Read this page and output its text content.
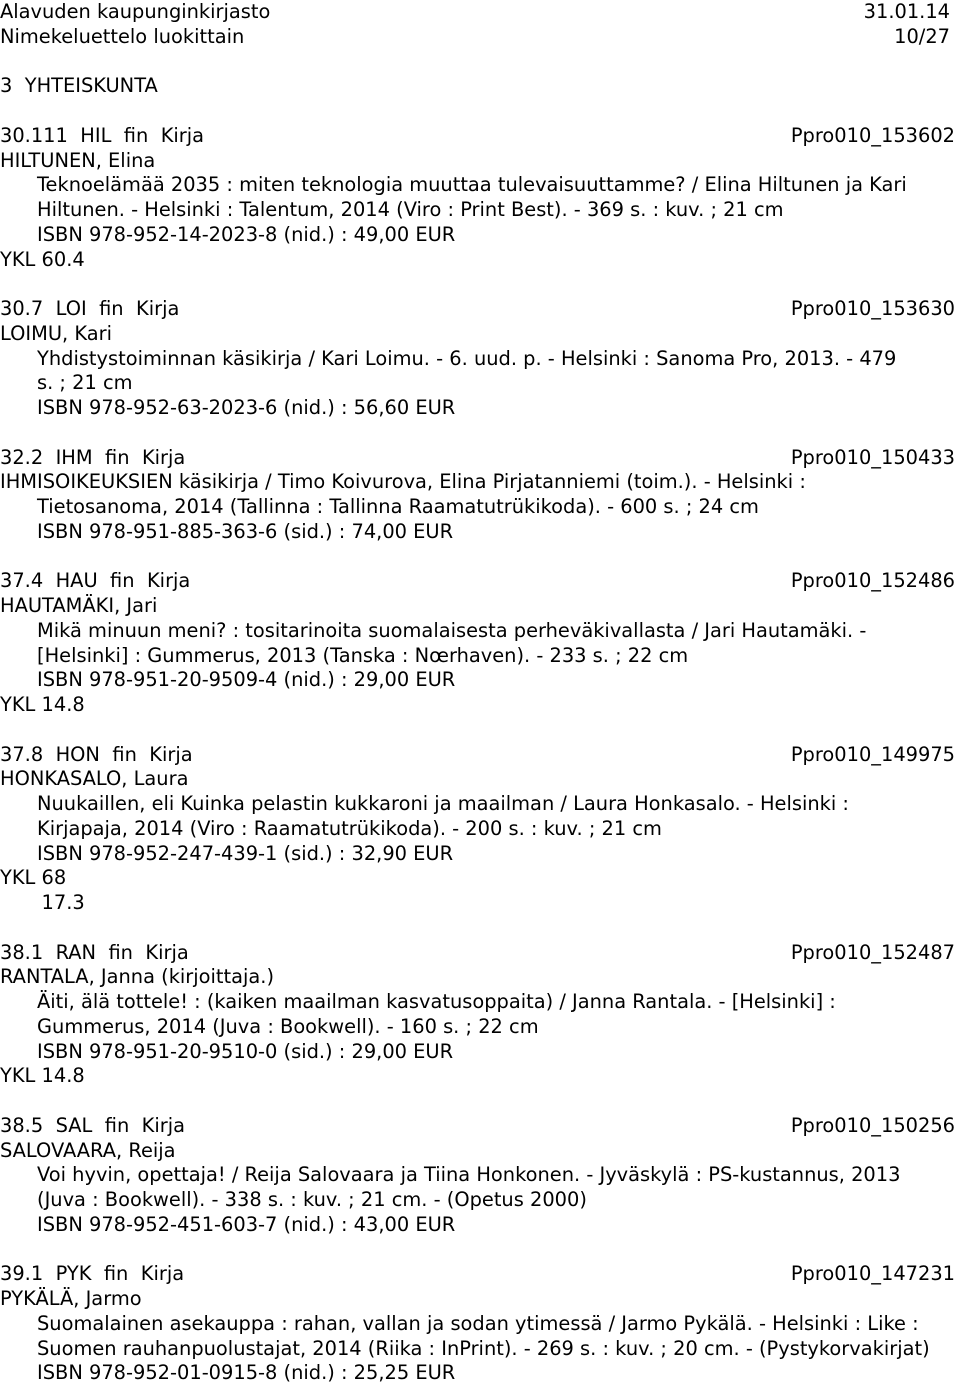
Alavuden kaupunginkirjasto	31.01.14
Nimekeluettelo luokittain	10/27
3 YHTEISKUNTA
30.111 HIL fin Kirja	Ppro010_153602
HILTUNEN, Elina
Teknoelämää 2035 : miten teknologia muuttaa tulevaisuuttamme? / Elina Hiltunen ja Kari
Hiltunen. - Helsinki : Talentum, 2014 (Viro : Print Best). - 369 s. : kuv. ; 21 cm
ISBN 978-952-14-2023-8 (nid.) : 49,00 EUR
YKL 60.4
30.7 LOI fin Kirja	Ppro010_153630
LOIMU, Kari
Yhdistystoiminnan käsikirja / Kari Loimu. - 6. uud. p. - Helsinki : Sanoma Pro, 2013. - 479
s. ; 21 cm
ISBN 978-952-63-2023-6 (nid.) : 56,60 EUR
32.2 IHM fin Kirja	Ppro010_150433
IHMISOIKEUKSIEN käsikirja / Timo Koivurova, Elina Pirjatanniemi (toim.). - Helsinki :
Tietosanoma, 2014 (Tallinna : Tallinna Raamatutrükikoda). - 600 s. ; 24 cm
ISBN 978-951-885-363-6 (sid.) : 74,00 EUR
37.4 HAU fin Kirja	Ppro010_152486
HAUTAMÄKI, Jari
Mikä minuun meni? : tositarinoita suomalaisesta perheväkivallasta / Jari Hautamäki. -
[Helsinki] : Gummerus, 2013 (Tanska : Nœrhaven). - 233 s. ; 22 cm
ISBN 978-951-20-9509-4 (nid.) : 29,00 EUR
YKL 14.8
37.8 HON fin Kirja	Ppro010_149975
HONKASALO, Laura
Nuukaillen, eli Kuinka pelastin kukkaroni ja maailman / Laura Honkasalo. - Helsinki :
Kirjapaja, 2014 (Viro : Raamatutrükikoda). - 200 s. : kuv. ; 21 cm
ISBN 978-952-247-439-1 (sid.) : 32,90 EUR
YKL 68
17.3
38.1 RAN fin Kirja	Ppro010_152487
RANTALA, Janna (kirjoittaja.)
Äiti, älä tottele! : (kaiken maailman kasvatusoppaita) / Janna Rantala. - [Helsinki] :
Gummerus, 2014 (Juva : Bookwell). - 160 s. ; 22 cm
ISBN 978-951-20-9510-0 (sid.) : 29,00 EUR
YKL 14.8
38.5 SAL fin Kirja	Ppro010_150256
SALOVAARA, Reija
Voi hyvin, opettaja! / Reija Salovaara ja Tiina Honkonen. - Jyväskylä : PS-kustannus, 2013
(Juva : Bookwell). - 338 s. : kuv. ; 21 cm. - (Opetus 2000)
ISBN 978-952-451-603-7 (nid.) : 43,00 EUR
39.1 PYK fin Kirja	Ppro010_147231
PYKÄLÄ, Jarmo
Suomalainen asekauppa : rahan, vallan ja sodan ytimessä / Jarmo Pykälä. - Helsinki : Like :
Suomen rauhanpuolustajat, 2014 (Riika : InPrint). - 269 s. : kuv. ; 20 cm. - (Pystykorvakirjat)
ISBN 978-952-01-0915-8 (nid.) : 25,25 EUR
